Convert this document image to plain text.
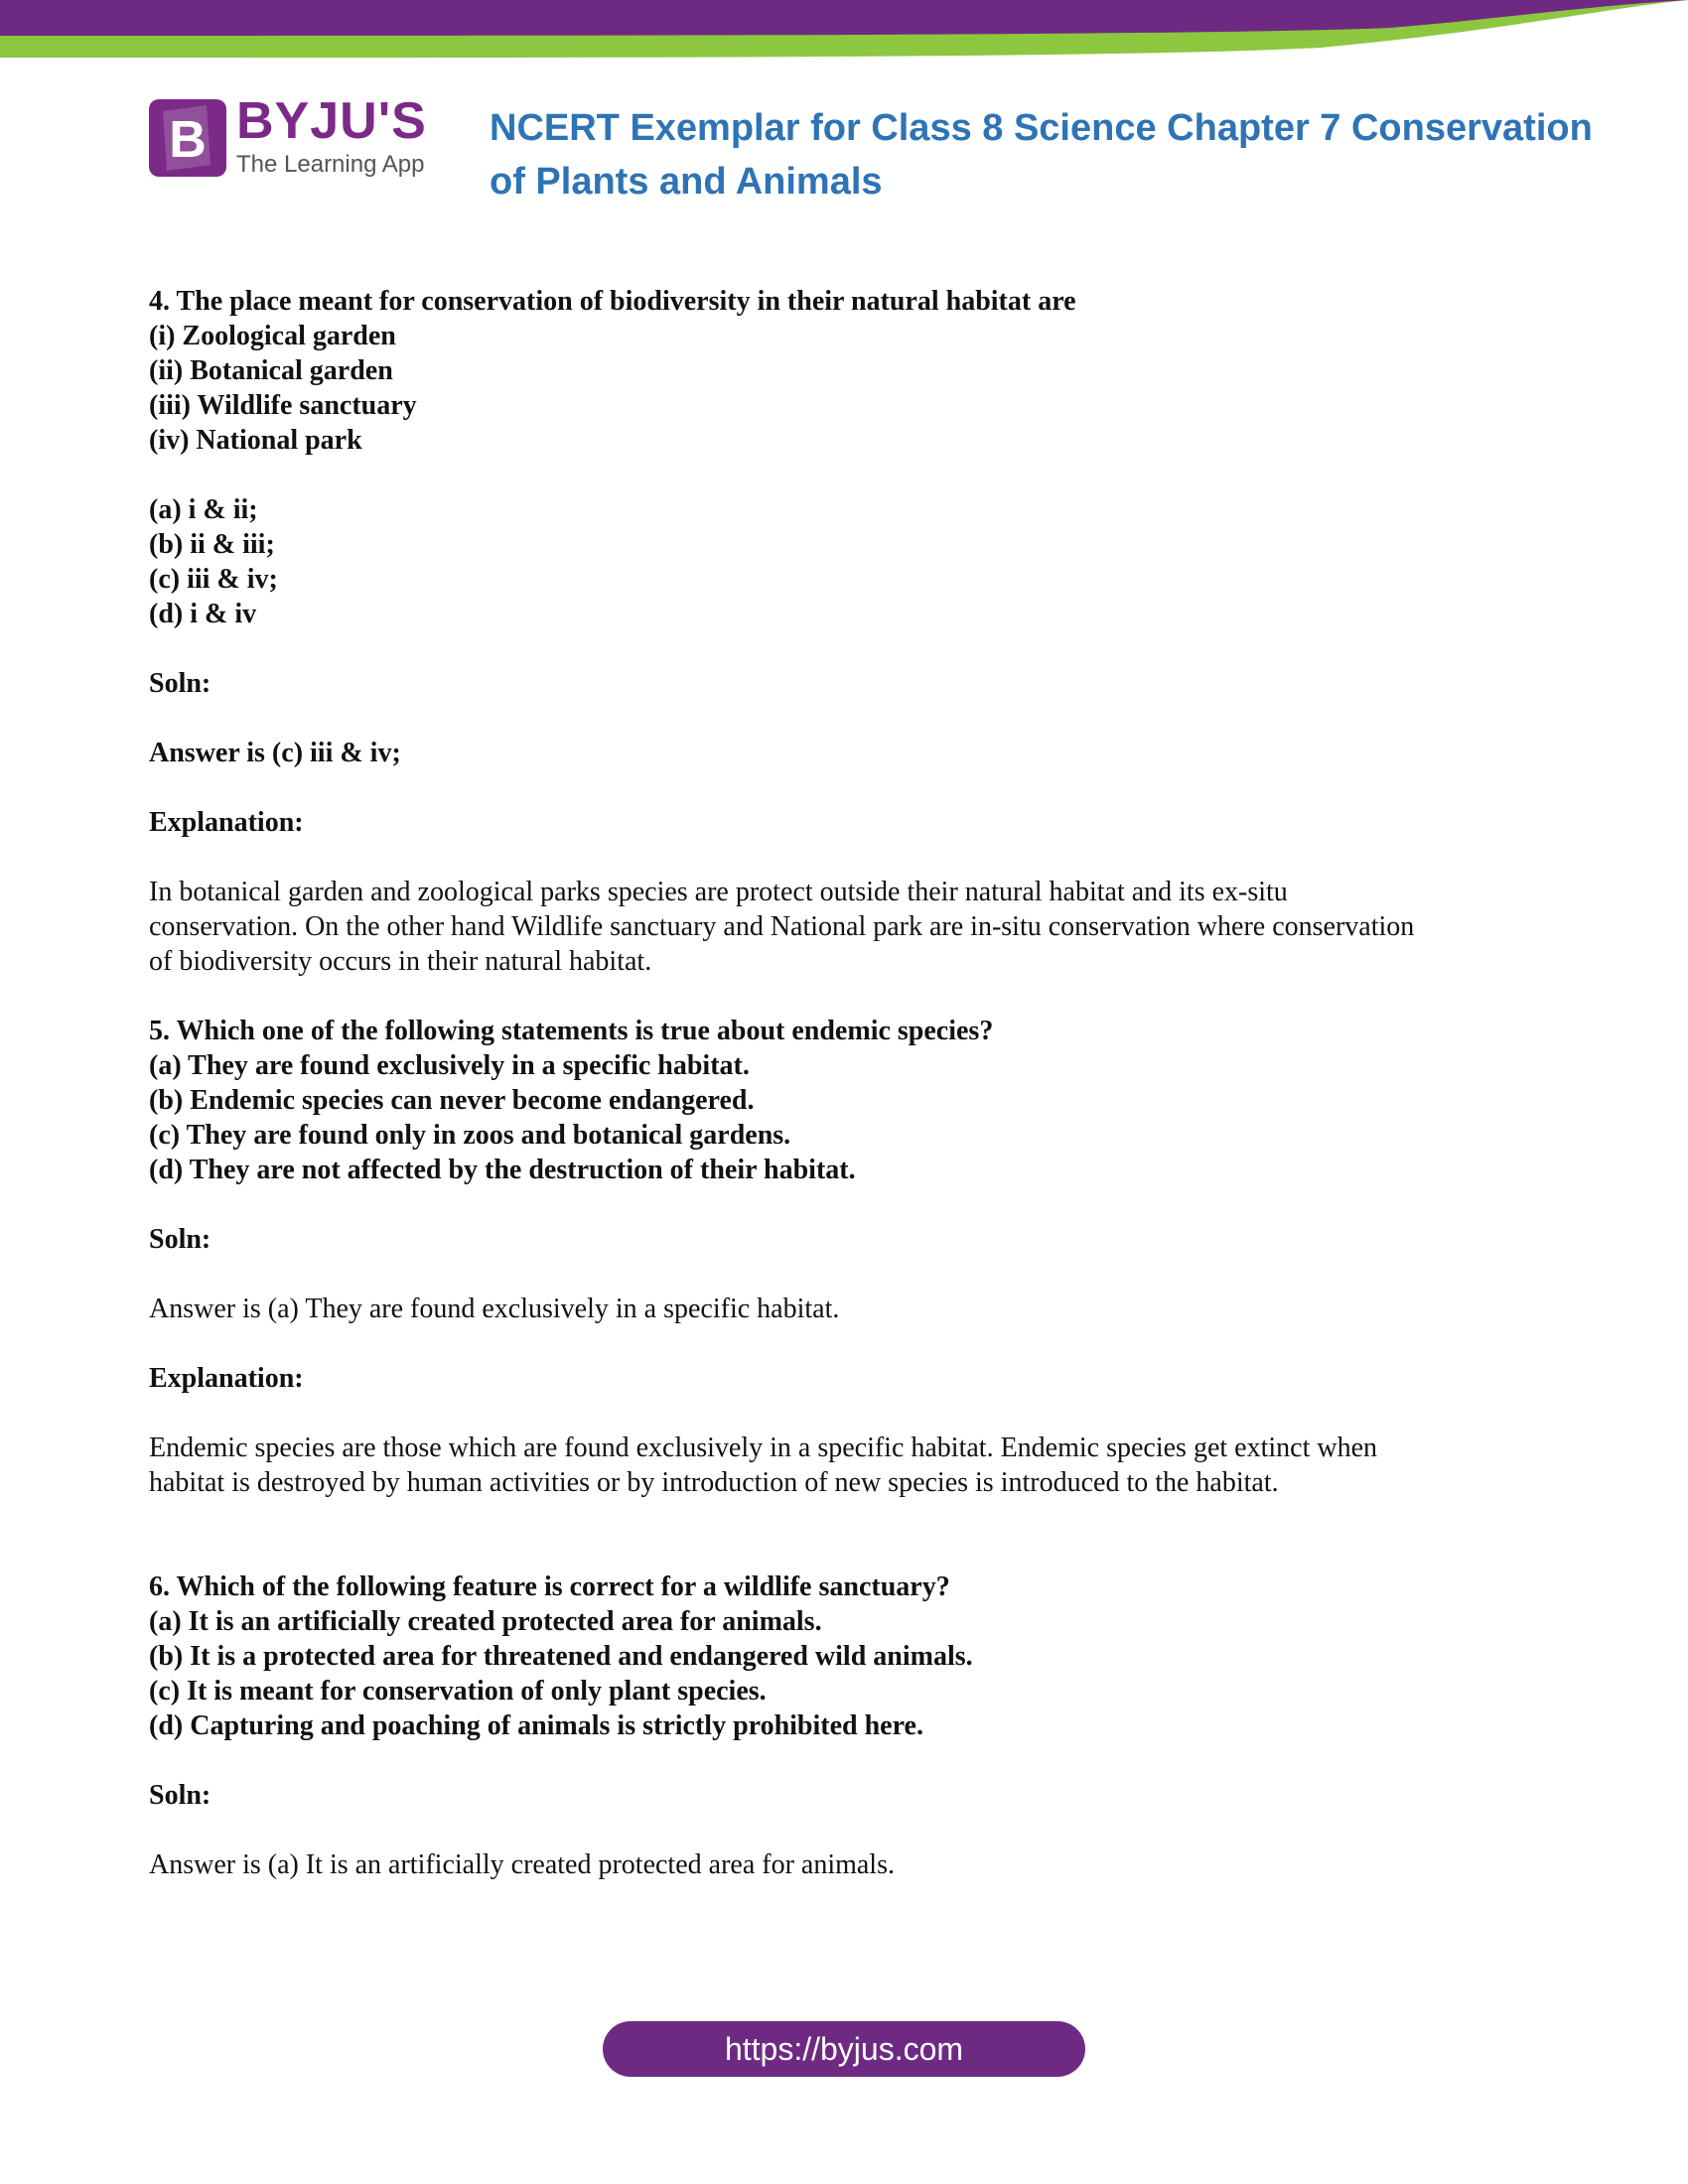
B BYJU'S
The Learning App
NCERT Exemplar for Class 8 Science Chapter 7 Conservation
of Plants and Animals

4. The place meant for conservation of biodiversity in their natural habitat are

(i) Zoological garden

(ii) Botanical garden

(iii) Wildlife sanctuary

(iv) National park

(a) i & ii;

(b) ii & iii;

(c) iii & iv;

(d) i & iv

Soln:

Answer is (c) iii & iv;

Explanation:

In botanical garden and zoological parks species are protect outside their natural habitat and its ex-situ

conservation. On the other hand Wildlife sanctuary and National park are in-situ conservation where conservation

of biodiversity occurs in their natural habitat.

5. Which one of the following statements is true about endemic species?

(a) They are found exclusively in a specific habitat.

(b) Endemic species can never become endangered.

(c) They are found only in zoos and botanical gardens.

(d) They are not affected by the destruction of their habitat.

Soln:

Answer is (a) They are found exclusively in a specific habitat.

Explanation:

Endemic species are those which are found exclusively in a specific habitat. Endemic species get extinct when

habitat is destroyed by human activities or by introduction of new species is introduced to the habitat.

6. Which of the following feature is correct for a wildlife sanctuary?

(a) It is an artificially created protected area for animals.

(b) It is a protected area for threatened and endangered wild animals.

(c) It is meant for conservation of only plant species.

(d) Capturing and poaching of animals is strictly prohibited here.

Soln:

Answer is (a) It is an artificially created protected area for animals.

https://byjus.com
